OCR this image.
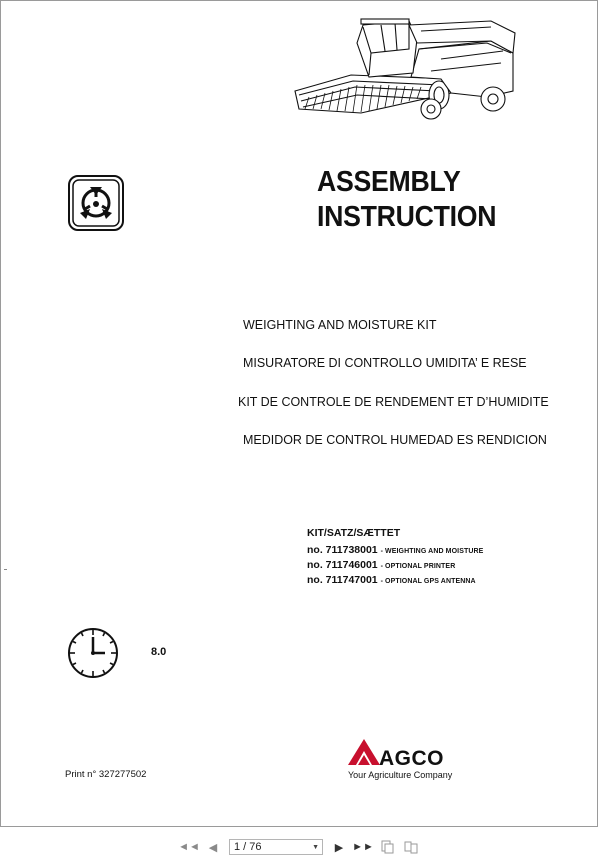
ASSEMBLY
INSTRUCTION
WEIGHTING AND MOISTURE KIT
MISURATORE DI CONTROLLO UMIDITA’ E RESE
KIT DE CONTROLE DE RENDEMENT ET D’HUMIDITE
MEDIDOR DE CONTROL HUMEDAD ES RENDICION
KIT/SATZ/SÆTTET
no. 711738001 - WEIGHTING AND MOISTURE
no. 711746001 - OPTIONAL PRINTER
no. 711747001 - OPTIONAL GPS ANTENNA
8.0
Print n° 327277502
AGCO
Your Agriculture Company
◄◄ ◀ 1 / 76	▼ ▶ ►►
